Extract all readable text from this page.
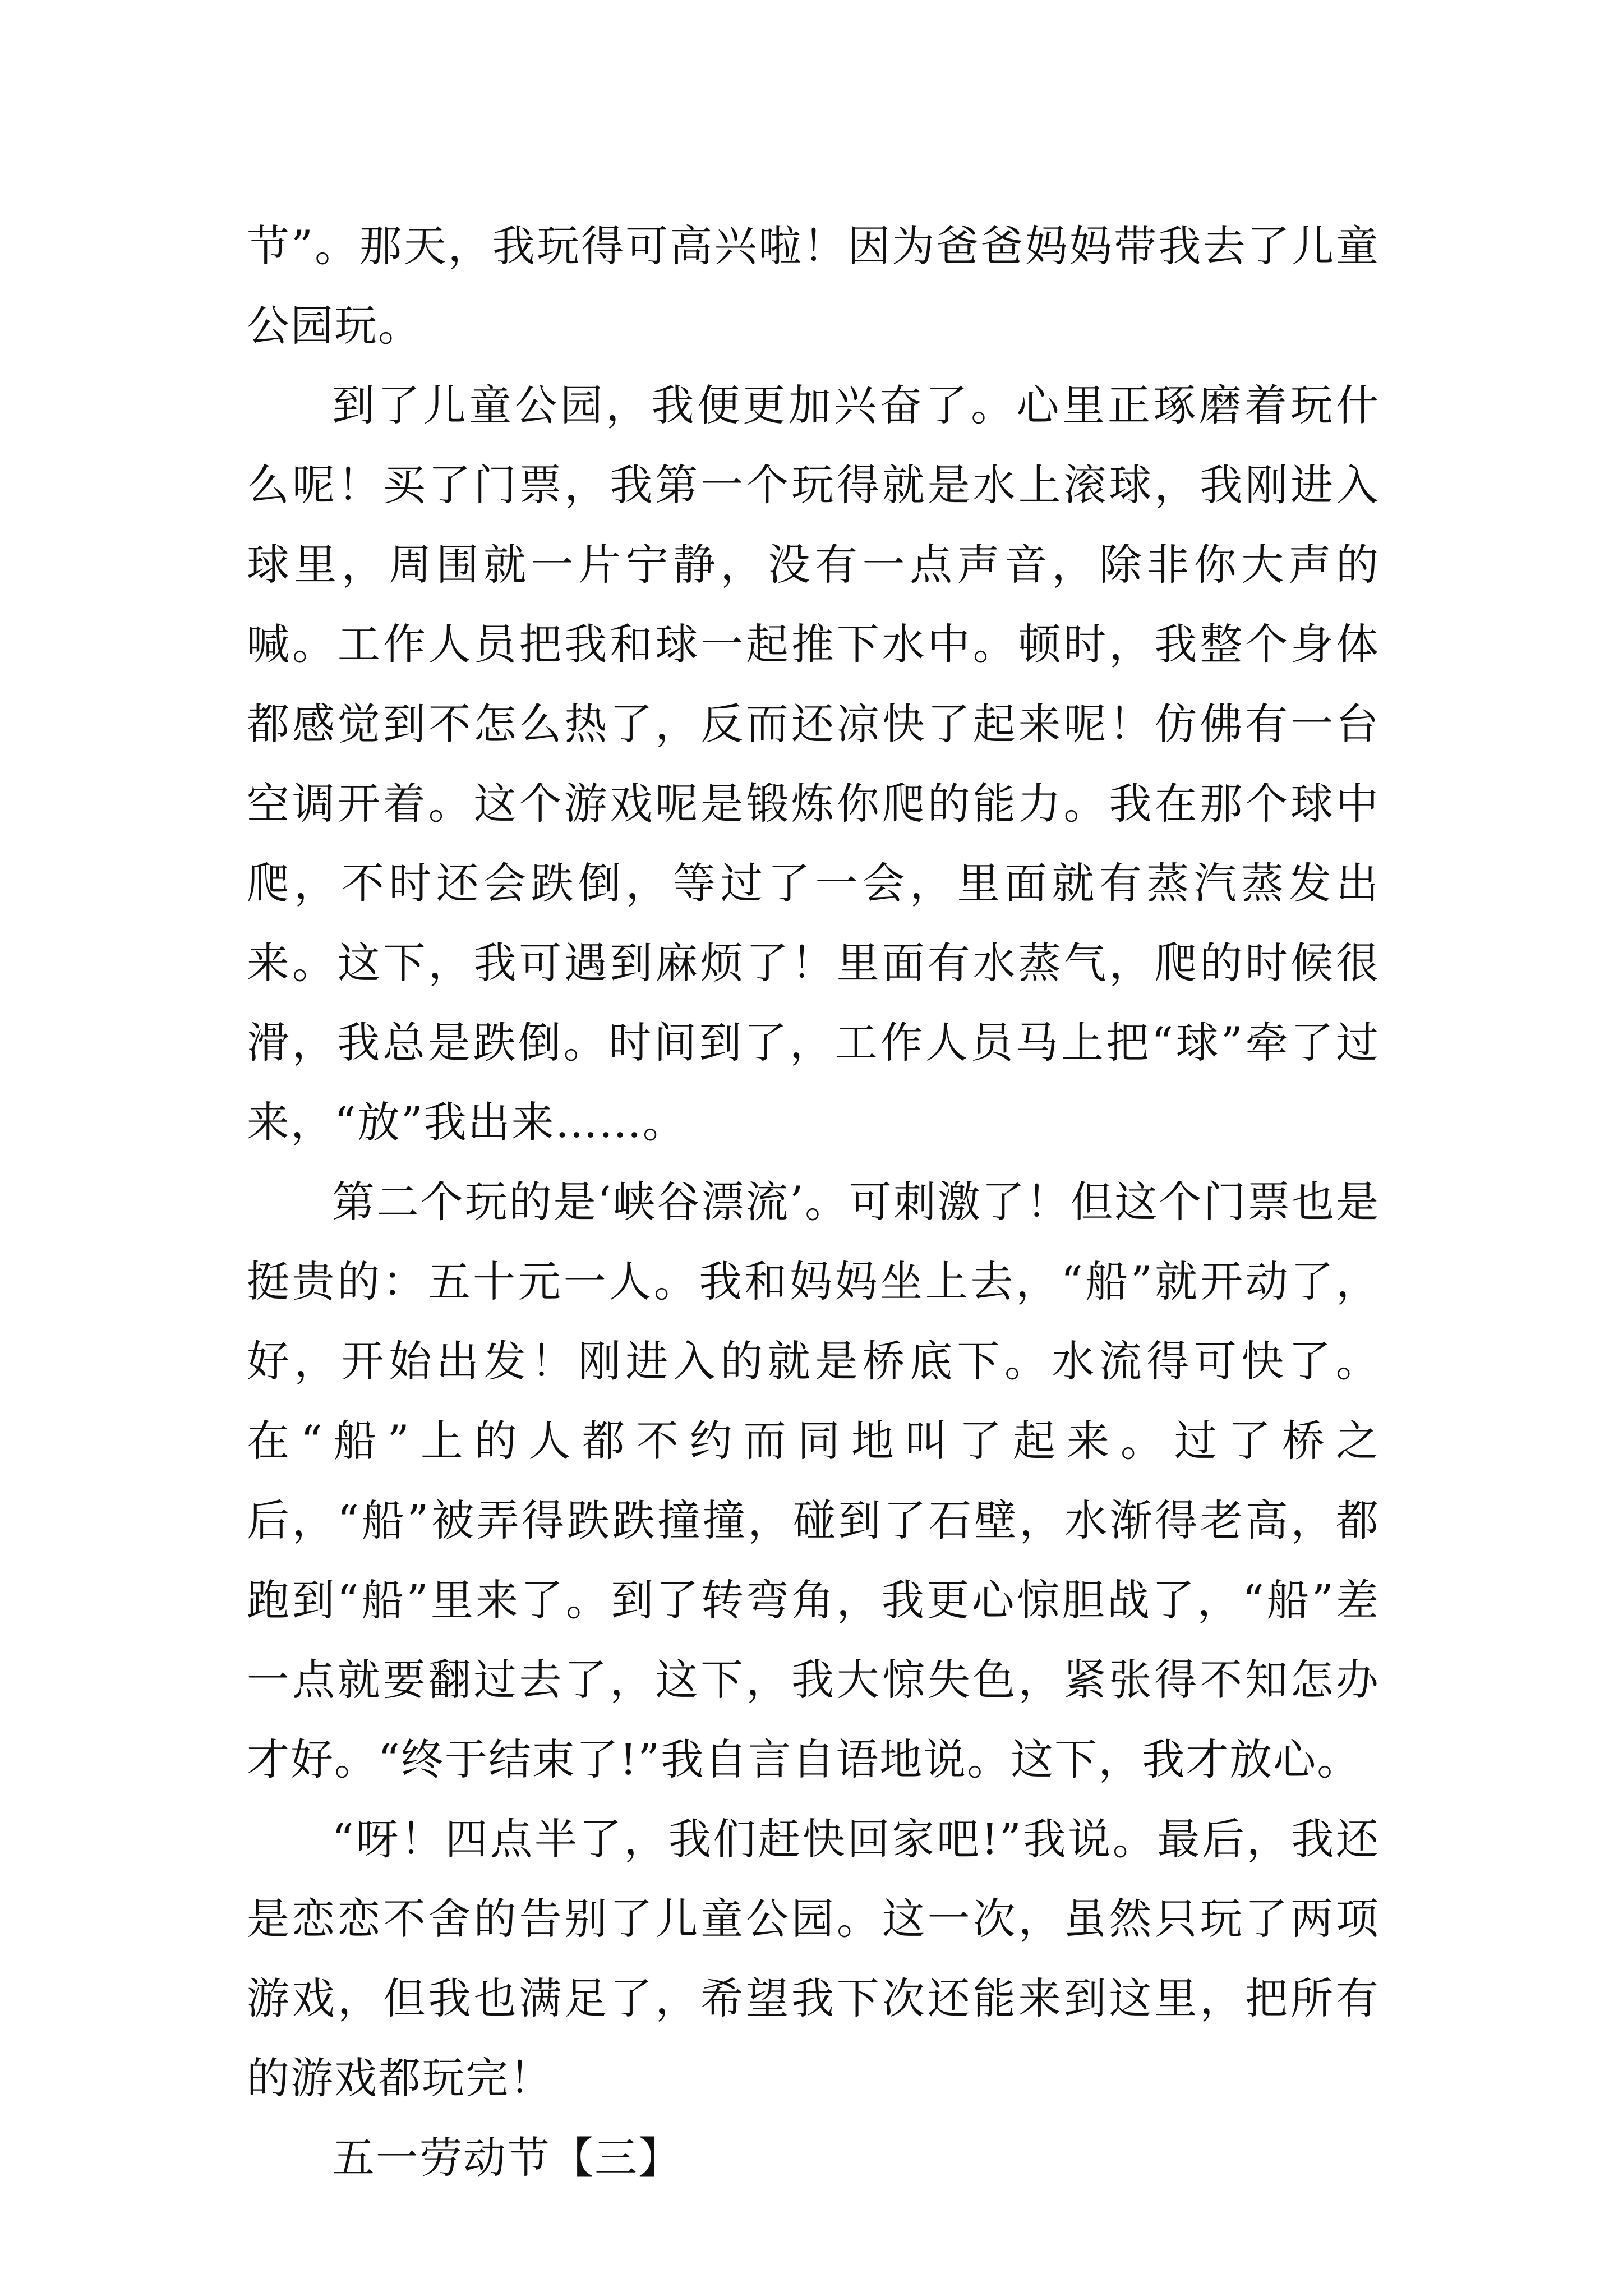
节”。那天，我玩得可高兴啦！因为爸爸妈妈带我去了儿童公园玩。

到了儿童公园，我便更加兴奋了。心里正琢磨着玩什么呢！买了门票，我第一个玩得就是水上滚球，我刚进入球里，周围就一片宁静，没有一点声音，除非你大声的喊。工作人员把我和球一起推下水中。顿时，我整个身体都感觉到不怎么热了，反而还凉快了起来呢！仿佛有一台空调开着。这个游戏呢是锻炼你爬的能力。我在那个球中爬，不时还会跌倒，等过了一会，里面就有蒸汽蒸发出来。这下，我可遇到麻烦了！里面有水蒸气，爬的时候很滑，我总是跌倒。时间到了，工作人员马上把“球”牵了过来，“放”我出来……。

第二个玩的是‘峡谷漂流’。可刺激了！但这个门票也是挺贵的：五十元一人。我和妈妈坐上去，“船”就开动了，好，开始出发！刚进入的就是桥底下。水流得可快了。在“船”上的人都不约而同地叫了起来。过了桥之后，“船”被弄得跌跌撞撞，碰到了石壁，水渐得老高，都跑到“船”里来了。到了转弯角，我更心惊胆战了，“船”差一点就要翻过去了，这下，我大惊失色，紧张得不知怎办才好。“终于结束了!”我自言自语地说。这下，我才放心。

“呀！四点半了，我们赶快回家吧!”我说。最后，我还是恋恋不舍的告别了儿童公园。这一次，虽然只玩了两项游戏，但我也满足了，希望我下次还能来到这里，把所有的游戏都玩完！

五一劳动节【三】
